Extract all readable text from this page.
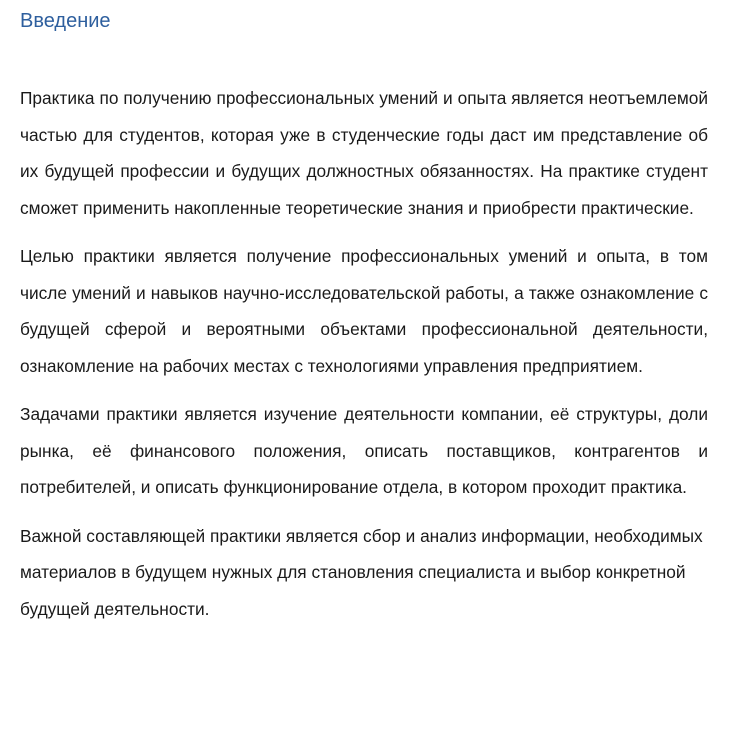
Введение

Практика по получению профессиональных умений и опыта является неотъемлемой частью для студентов, которая уже в студенческие годы даст им представление об их будущей профессии и будущих должностных обязанностях. На практике студент сможет применить накопленные теоретические знания и приобрести практические.

Целью практики является получение профессиональных умений и опыта, в том числе умений и навыков научно-исследовательской работы, а также ознакомление с будущей сферой и вероятными объектами профессиональной деятельности, ознакомление на рабочих местах с технологиями управления предприятием.

Задачами практики является изучение деятельности компании, её структуры, доли рынка, её финансового положения, описать поставщиков, контрагентов и потребителей, и описать функционирование отдела, в котором проходит практика.

Важной составляющей практики является сбор и анализ информации, необходимых материалов в будущем нужных для становления специалиста и выбор конкретной будущей деятельности.
